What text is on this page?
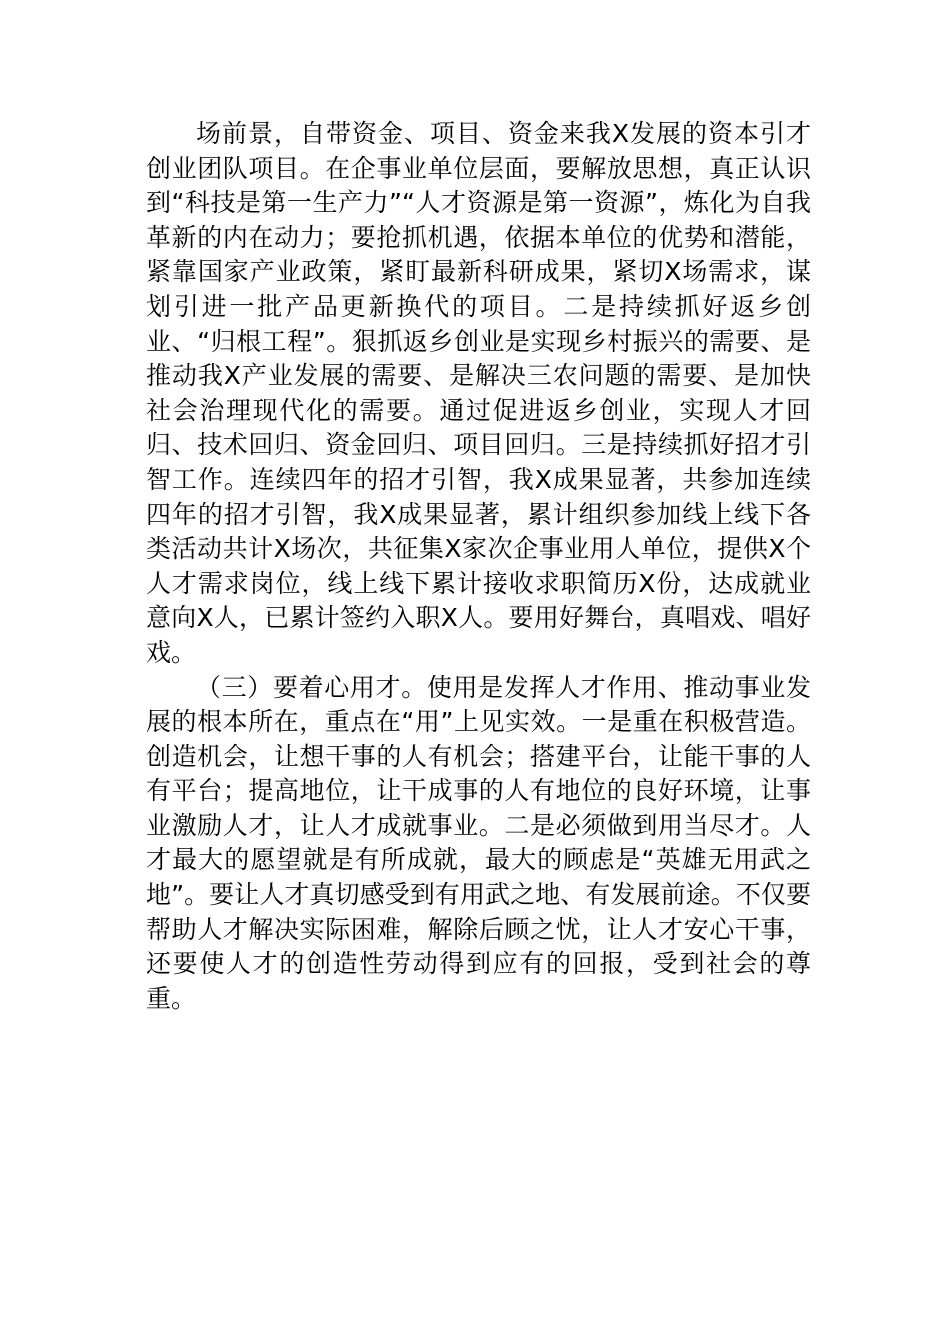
场前景，自带资金、项目、资金来我X发展的资本引才创业团队项目。在企事业单位层面，要解放思想，真正认识到“科技是第一生产力”“人才资源是第一资源”，炼化为自我革新的内在动力；要抢抓机遇，依据本单位的优势和潜能，紧靠国家产业政策，紧盯最新科研成果，紧切X场需求，谋划引进一批产品更新换代的项目。二是持续抓好返乡创业、“归根工程”。狠抓返乡创业是实现乡村振兴的需要、是推动我X产业发展的需要、是解决三农问题的需要、是加快社会治理现代化的需要。通过促进返乡创业，实现人才回归、技术回归、资金回归、项目回归。三是持续抓好招才引智工作。连续四年的招才引智，我X成果显著，共参加连续四年的招才引智，我X成果显著，累计组织参加线上线下各类活动共计X场次，共征集X家次企事业用人单位，提供X个人才需求岗位，线上线下累计接收求职简历X份，达成就业意向X人，已累计签约入职X人。要用好舞台，真唱戏、唱好戏。

（三）要着心用才。使用是发挥人才作用、推动事业发展的根本所在，重点在“用”上见实效。一是重在积极营造。创造机会，让想干事的人有机会；搭建平台，让能干事的人有平台；提高地位，让干成事的人有地位的良好环境，让事业激励人才，让人才成就事业。二是必须做到用当尽才。人才最大的愿望就是有所成就，最大的顾虑是“英雄无用武之地”。要让人才真切感受到有用武之地、有发展前途。不仅要帮助人才解决实际困难，解除后顾之忧，让人才安心干事，还要使人才的创造性劳动得到应有的回报，受到社会的尊重。
